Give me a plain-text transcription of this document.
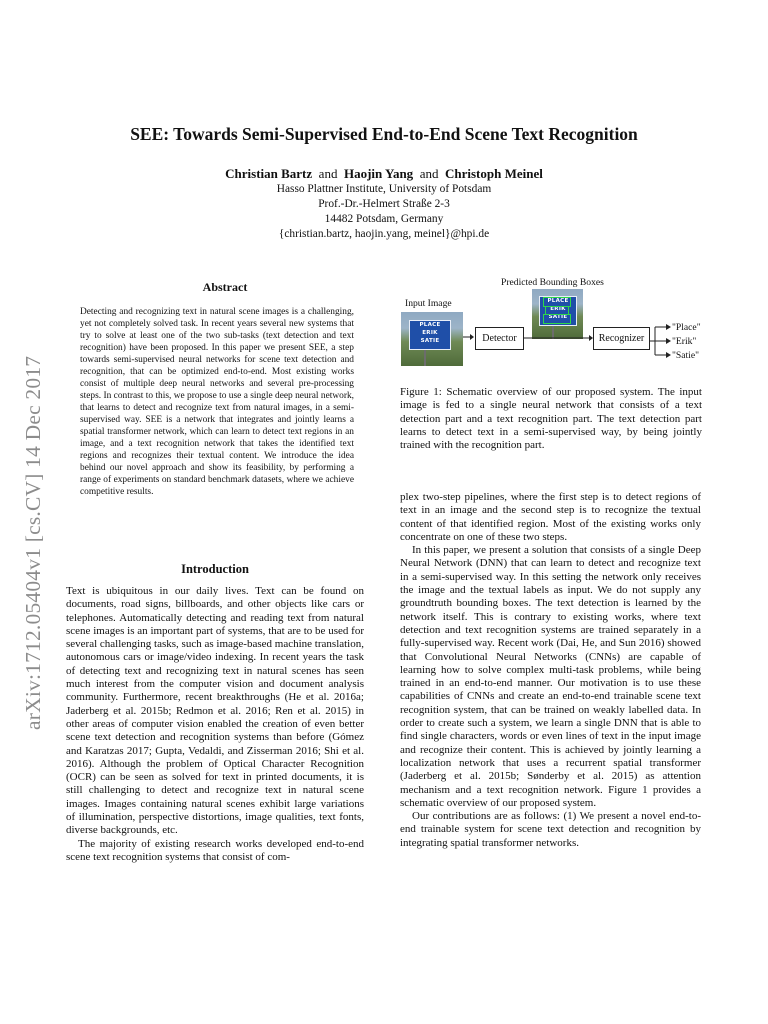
arXiv:1712.05404v1 [cs.CV] 14 Dec 2017
SEE: Towards Semi-Supervised End-to-End Scene Text Recognition
Christian Bartz and Haojin Yang and Christoph Meinel
Hasso Plattner Institute, University of Potsdam
Prof.-Dr.-Helmert Straße 2-3
14482 Potsdam, Germany
{christian.bartz, haojin.yang, meinel}@hpi.de
Abstract
Detecting and recognizing text in natural scene images is a challenging, yet not completely solved task. In recent years several new systems that try to solve at least one of the two sub-tasks (text detection and text recognition) have been proposed. In this paper we present SEE, a step towards semi-supervised neural networks for scene text detection and recognition, that can be optimized end-to-end. Most existing works consist of multiple deep neural networks and several pre-processing steps. In contrast to this, we propose to use a single deep neural network, that learns to detect and recognize text from natural images, in a semi-supervised way. SEE is a network that integrates and jointly learns a spatial transformer network, which can learn to detect text regions in an image, and a text recognition network that takes the identified text regions and recognizes their textual content. We introduce the idea behind our novel approach and show its feasibility, by performing a range of experiments on standard benchmark datasets, where we achieve competitive results.
Introduction

Text is ubiquitous in our daily lives. Text can be found on documents, road signs, billboards, and other objects like cars or telephones. Automatically detecting and reading text from natural scene images is an important part of systems, that are to be used for several challenging tasks, such as image-based machine translation, autonomous cars or image/video indexing. In recent years the task of detecting text and recognizing text in natural scenes has seen much interest from the computer vision and document analysis community. Furthermore, recent breakthroughs (He et al. 2016a; Jaderberg et al. 2015b; Redmon et al. 2016; Ren et al. 2015) in other areas of computer vision enabled the creation of even better scene text detection and recognition systems than before (Gómez and Karatzas 2017; Gupta, Vedaldi, and Zisserman 2016; Shi et al. 2016). Although the problem of Optical Character Recognition (OCR) can be seen as solved for text in printed documents, it is still challenging to detect and recognize text in natural scene images. Images containing natural scenes exhibit large variations of illumination, perspective distortions, image qualities, text fonts, diverse backgrounds, etc.

The majority of existing research works developed end-to-end scene text recognition systems that consist of com-

Input Image
Predicted Bounding Boxes
PLACE
ERIK
SATIE	Detector
PLACE
ERIK
SATIE
Recognizer
"Place"
"Erik"
"Satie"
Figure 1: Schematic overview of our proposed system. The input image is fed to a single neural network that consists of a text detection part and a text recognition part. The text detection part learns to detect text in a semi-supervised way, by being jointly trained with the recognition part.

plex two-step pipelines, where the first step is to detect regions of text in an image and the second step is to recognize the textual content of that identified region. Most of the existing works only concentrate on one of these two steps.

In this paper, we present a solution that consists of a single Deep Neural Network (DNN) that can learn to detect and recognize text in a semi-supervised way. In this setting the network only receives the image and the textual labels as input. We do not supply any groundtruth bounding boxes. The text detection is learned by the network itself. This is contrary to existing works, where text detection and text recognition systems are trained separately in a fully-supervised way. Recent work (Dai, He, and Sun 2016) showed that Convolutional Neural Networks (CNNs) are capable of learning how to solve complex multi-task problems, while being trained in an end-to-end manner. Our motivation is to use these capabilities of CNNs and create an end-to-end trainable scene text recognition system, that can be trained on weakly labelled data. In order to create such a system, we learn a single DNN that is able to find single characters, words or even lines of text in the input image and recognize their content. This is achieved by jointly learning a localization network that uses a recurrent spatial transformer (Jaderberg et al. 2015b; Sønderby et al. 2015) as attention mechanism and a text recognition network. Figure 1 provides a schematic overview of our proposed system.

Our contributions are as follows: (1) We present a novel end-to-end trainable system for scene text detection and recognition by integrating spatial transformer networks.
